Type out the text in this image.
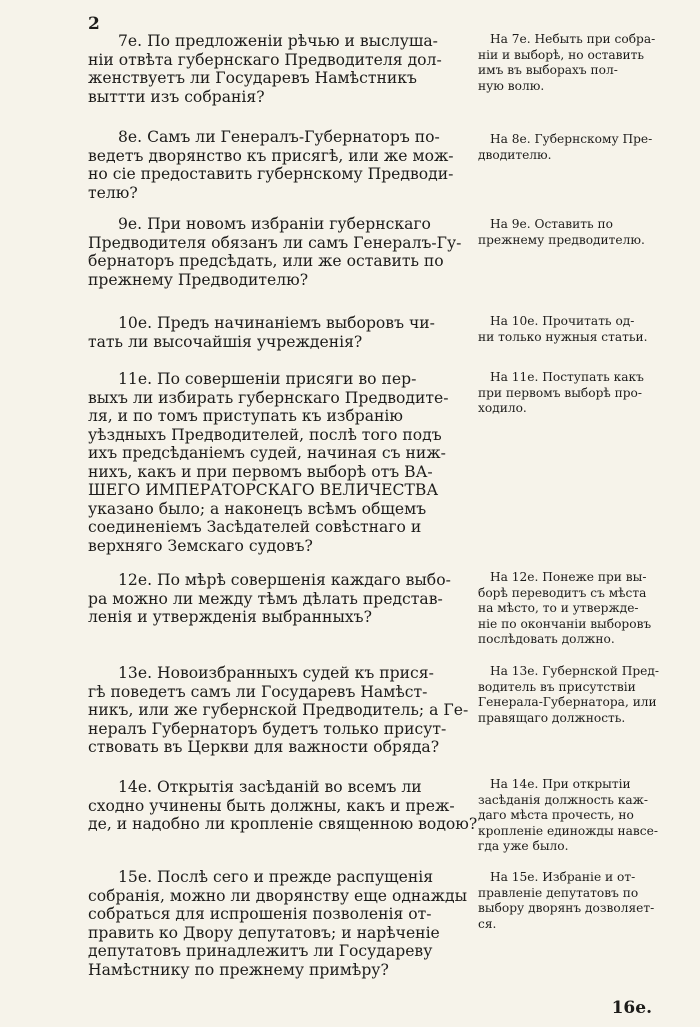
2
7е. По предложеніи рѣчью и выслуша-
ніи отвѣта губернскаго Предводителя дол-
женствуетъ ли Государевъ Намѣстникъ
выттти изъ собранія?
8е. Самъ ли Генералъ-Губернаторъ по-
ведетъ дворянство къ присягѣ, или же мож-
но сіе предоставить губернскому Предводи-
телю?
9е. При новомъ избраніи губернскаго
Предводителя обязанъ ли самъ Генералъ-Гу-
бернаторъ предсѣдать, или же оставить по
прежнему Предводителю?
10е. Предъ начинаніемъ выборовъ чи-
тать ли высочайшія учрежденія?
11е. По совершеніи присяги во пер-
выхъ ли избирать губернскаго Предводите-
ля, и по томъ приступать къ избранію
уѣздныхъ Предводителей, послѣ того подъ
ихъ предсѣданіемъ судей, начиная съ ниж-
нихъ, какъ и при первомъ выборѣ отъ ВА-
ШЕГО ИМПЕРАТОРСКАГО ВЕЛИЧЕСТВА
указано было; а наконецъ всѣмъ общемъ
соединеніемъ Засѣдателей совѣстнаго и
верхняго Земскаго судовъ?
12е. По мѣрѣ совершенія каждаго выбо-
ра можно ли между тѣмъ дѣлать представ-
ленія и утвержденія выбранныхъ?
13е. Новоизбранныхъ судей къ прися-
гѣ поведетъ самъ ли Государевъ Намѣст-
никъ, или же губернской Предводитель; а Ге-
нералъ Губернаторъ будетъ только присут-
ствовать въ Церкви для важности обряда?
14е. Открытія засѣданій во всемъ ли
сходно учинены быть должны, какъ и преж-
де, и надобно ли кропленіе священною водою?
15е. Послѣ сего и прежде распущенія
собранія, можно ли дворянству еще однажды
собраться для испрошенія позволенія от-
править ко Двору депутатовъ; и нарѣченіе
депутатовъ принадлежитъ ли Государеву
Намѣстнику по прежнему примѣру?
На 7е. Небыть при собра-
ніи и выборѣ, но оставить
имъ въ выборахъ пол-
ную волю.
На 8е. Губернскому Пре-
дводителю.
На 9е. Оставить по
прежнему предводителю.
На 10е. Прочитать од-
ни только нужныя статьи.
На 11е. Поступать какъ
при первомъ выборѣ про-
ходило.
На 12е. Понеже при вы-
борѣ переводитъ съ мѣста
на мѣсто, то и утвержде-
ніе по окончаніи выборовъ
послѣдовать должно.
На 13е. Губернской Пред-
водитель въ присутствіи
Генерала-Губернатора, или
правящаго должность.
На 14е. При открытіи
засѣданія должность каж-
даго мѣста прочесть, но
кропленіе единожды навсе-
гда уже было.
На 15е. Избраніе и от-
правленіе депутатовъ по
выбору дворянъ дозволяет-
ся.
16е.
